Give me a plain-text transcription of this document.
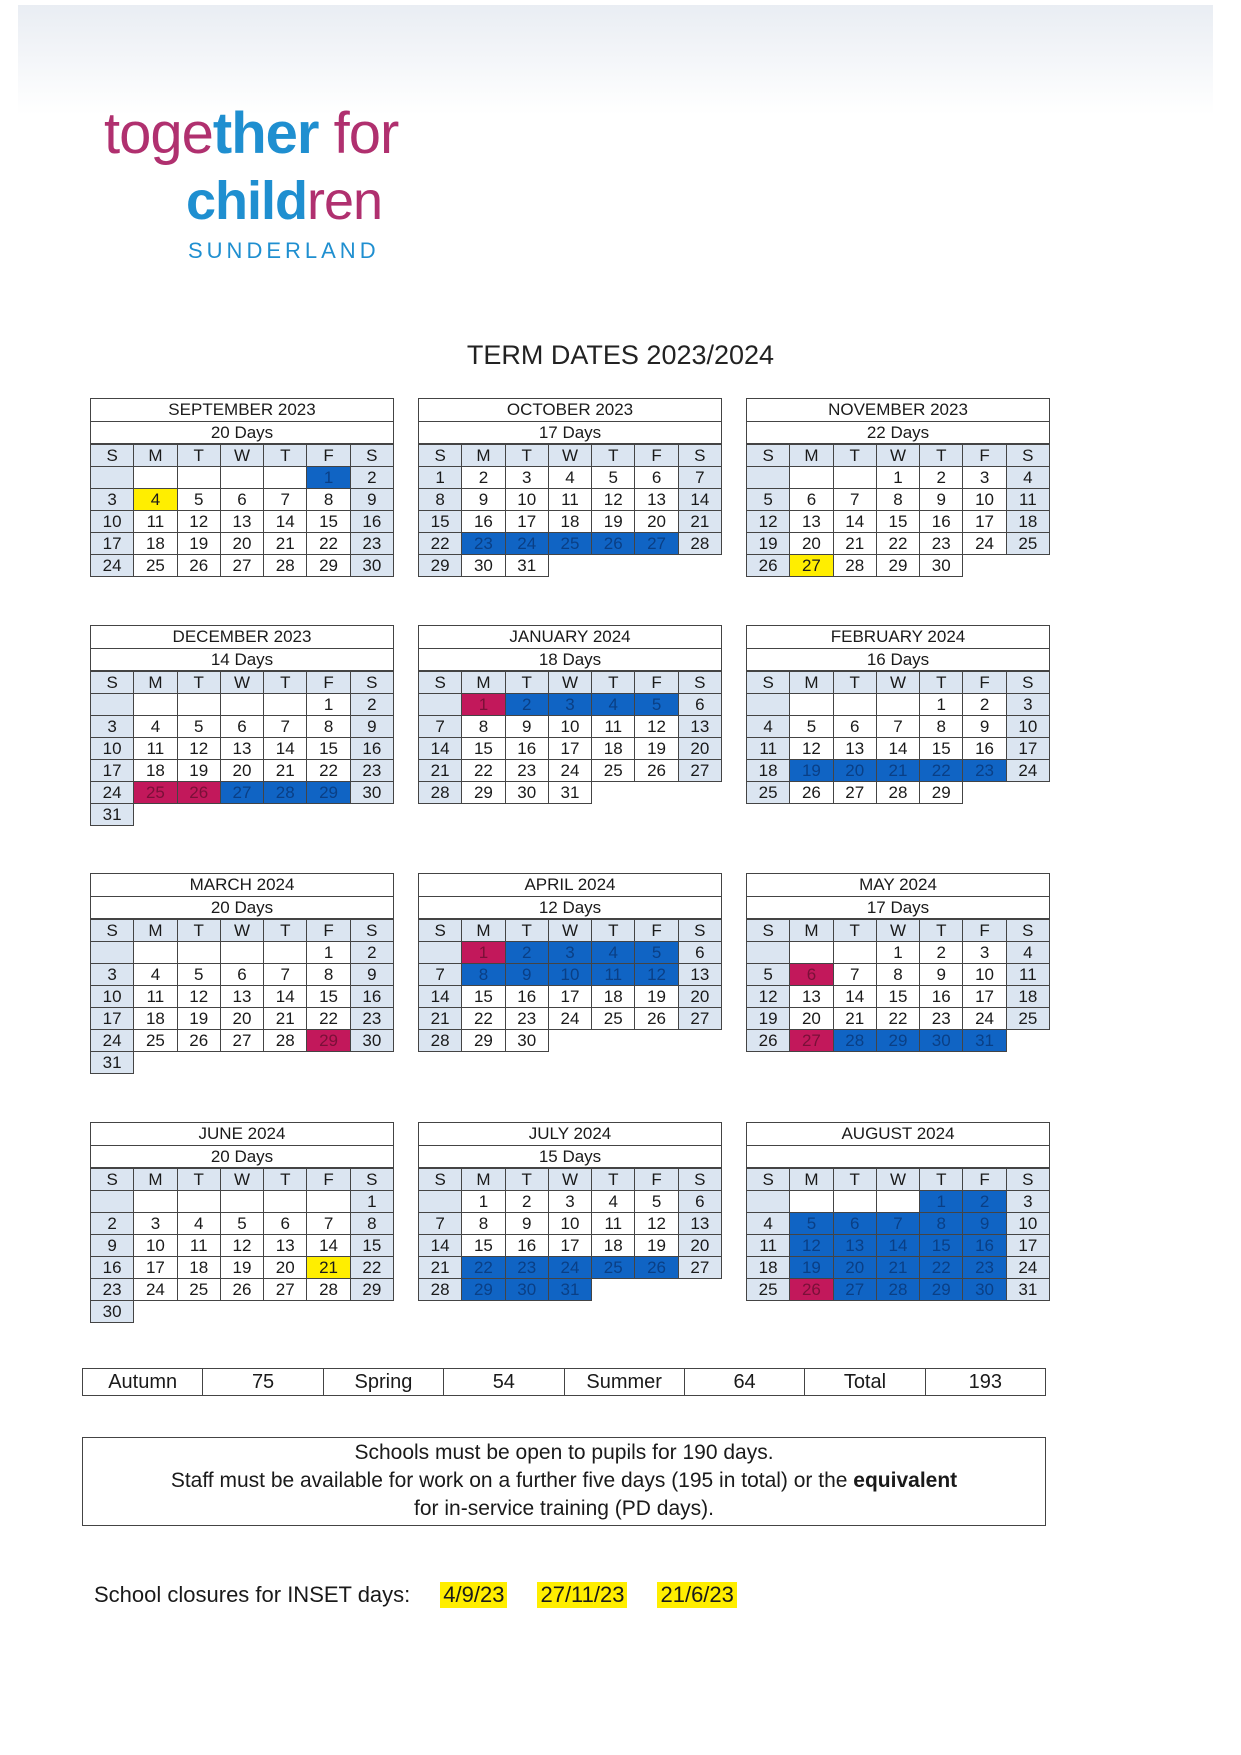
together for
children
SUNDERLAND
TERM DATES 2023/2024
SEPTEMBER 2023
20 Days
S	M	T	W	T	F	S
					1	2
3	4	5	6	7	8	9
10	11	12	13	14	15	16
17	18	19	20	21	22	23
24	25	26	27	28	29	30
OCTOBER 2023
17 Days
S	M	T	W	T	F	S
1	2	3	4	5	6	7
8	9	10	11	12	13	14
15	16	17	18	19	20	21
22	23	24	25	26	27	28
29	30	31				
NOVEMBER 2023
22 Days
S	M	T	W	T	F	S
			1	2	3	4
5	6	7	8	9	10	11
12	13	14	15	16	17	18
19	20	21	22	23	24	25
26	27	28	29	30		
DECEMBER 2023
14 Days
S	M	T	W	T	F	S
					1	2
3	4	5	6	7	8	9
10	11	12	13	14	15	16
17	18	19	20	21	22	23
24	25	26	27	28	29	30
31						
JANUARY 2024
18 Days
S	M	T	W	T	F	S
	1	2	3	4	5	6
7	8	9	10	11	12	13
14	15	16	17	18	19	20
21	22	23	24	25	26	27
28	29	30	31			
FEBRUARY 2024
16 Days
S	M	T	W	T	F	S
				1	2	3
4	5	6	7	8	9	10
11	12	13	14	15	16	17
18	19	20	21	22	23	24
25	26	27	28	29		
MARCH 2024
20 Days
S	M	T	W	T	F	S
					1	2
3	4	5	6	7	8	9
10	11	12	13	14	15	16
17	18	19	20	21	22	23
24	25	26	27	28	29	30
31						
APRIL 2024
12 Days
S	M	T	W	T	F	S
	1	2	3	4	5	6
7	8	9	10	11	12	13
14	15	16	17	18	19	20
21	22	23	24	25	26	27
28	29	30				
MAY 2024
17 Days
S	M	T	W	T	F	S
			1	2	3	4
5	6	7	8	9	10	11
12	13	14	15	16	17	18
19	20	21	22	23	24	25
26	27	28	29	30	31	
JUNE 2024
20 Days
S	M	T	W	T	F	S
						1
2	3	4	5	6	7	8
9	10	11	12	13	14	15
16	17	18	19	20	21	22
23	24	25	26	27	28	29
30						
JULY 2024
15 Days
S	M	T	W	T	F	S
	1	2	3	4	5	6
7	8	9	10	11	12	13
14	15	16	17	18	19	20
21	22	23	24	25	26	27
28	29	30	31			
AUGUST 2024
S	M	T	W	T	F	S
				1	2	3
4	5	6	7	8	9	10
11	12	13	14	15	16	17
18	19	20	21	22	23	24
25	26	27	28	29	30	31
Autumn	75	Spring	54	Summer	64	Total	193
Schools must be open to pupils for 190 days.
Staff must be available for work on a further five days (195 in total) or the equivalent
for in-service training (PD days).
School closures for INSET days: 4/9/23 27/11/23 21/6/23
